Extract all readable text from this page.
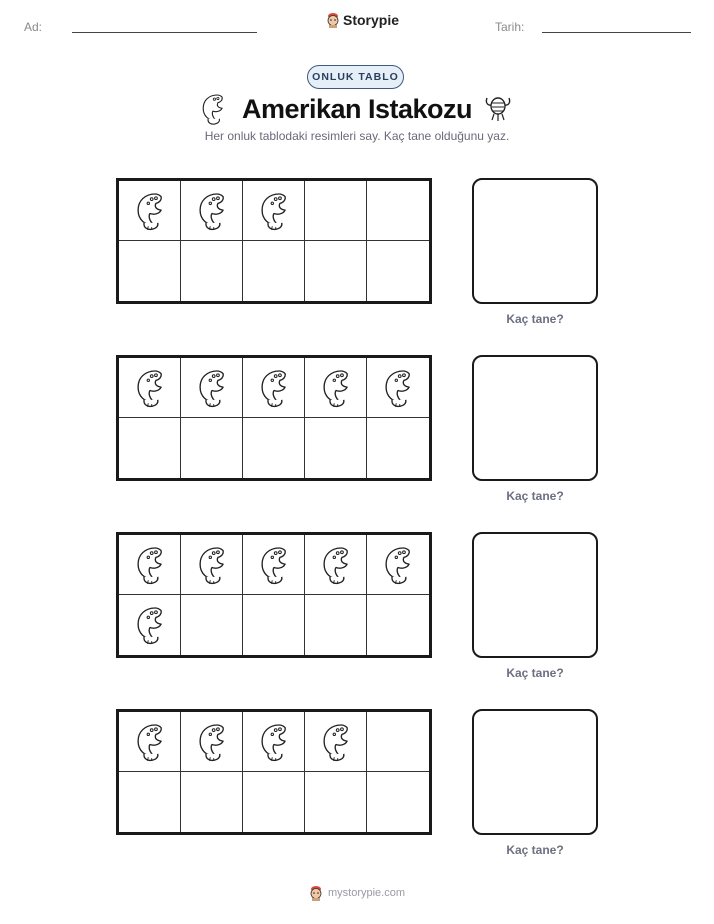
Ad:	Storypie	Tarih:
ONLUK TABLO
Amerikan Istakozu
Her onluk tablodaki resimleri say. Kaç tane olduğunu yaz.
Kaç tane?
Kaç tane?
Kaç tane?
Kaç tane?
mystorypie.com
